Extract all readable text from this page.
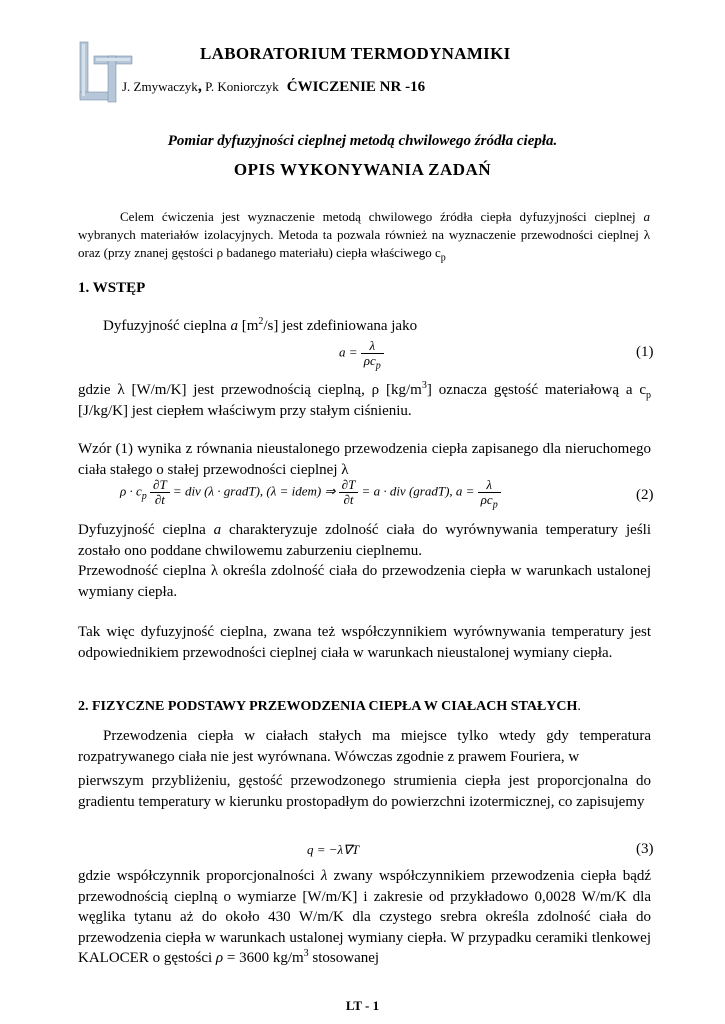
LABORATORIUM TERMODYNAMIKI
J. Zmywaczyk, P. Koniorczyk ĆWICZENIE NR -16
Pomiar dyfuzyjności cieplnej metodą chwilowego źródła ciepła.
OPIS WYKONYWANIA ZADAŃ
Celem ćwiczenia jest wyznaczenie metodą chwilowego źródła ciepła dyfuzyjności cieplnej a wybranych materiałów izolacyjnych. Metoda ta pozwala również na wyznaczenie przewodności cieplnej λ oraz (przy znanej gęstości ρ badanego materiału) ciepła właściwego $c_p$
1. WSTĘP
Dyfuzyjność cieplna a $[m^2/s]$ jest zdefiniowana jako
$a = \frac{\lambda}{\rho c_p}$	(1)
gdzie λ [W/m/K] jest przewodnością cieplną, ρ $[kg/m^3]$ oznacza gęstość materiałową a $c_p$ [J/kg/K] jest ciepłem właściwym przy stałym ciśnieniu.
Wzór (1) wynika z równania nieustalonego przewodzenia ciepła zapisanego dla nieruchomego ciała stałego o stałej przewodności cieplnej λ
$\rho \cdot c_p \frac{\partial T}{\partial t}$ = div (λ · gradT), (λ = idem) ⇒ $\frac{\partial T}{\partial t} = a$ · div (gradT), $a = \frac{\lambda}{\rho c_p}$	(2)
Dyfuzyjność cieplna a charakteryzuje zdolność ciała do wyrównywania temperatury jeśli zostało ono poddane chwilowemu zaburzeniu cieplnemu.
Przewodność cieplna λ określa zdolność ciała do przewodzenia ciepła w warunkach ustalonej wymiany ciepła.
Tak więc dyfuzyjność cieplna, zwana też współczynnikiem wyrównywania temperatury jest odpowiednikiem przewodności cieplnej ciała w warunkach nieustalonej wymiany ciepła.
2. FIZYCZNE PODSTAWY PRZEWODZENIA CIEPŁA W CIAŁACH STAŁYCH.
Przewodzenia ciepła w ciałach stałych ma miejsce tylko wtedy gdy temperatura rozpatrywanego ciała nie jest wyrównana. Wówczas zgodnie z prawem Fouriera, w
pierwszym przybliżeniu, gęstość przewodzonego strumienia ciepła jest proporcjonalna do gradientu temperatury w kierunku prostopadłym do powierzchni izotermicznej, co zapisujemy
q = −λ∇T	(3)
gdzie współczynnik proporcjonalności λ zwany współczynnikiem przewodzenia ciepła bądź przewodnością cieplną o wymiarze [W/m/K] i zakresie od przykładowo 0,0028 W/m/K dla węglika tytanu aż do około 430 W/m/K dla czystego srebra określa zdolność ciała do przewodzenia ciepła w warunkach ustalonej wymiany ciepła. W przypadku ceramiki tlenkowej KALOCER o gęstości ρ = 3600 $kg/m^3$ stosowanej
LT - 1
